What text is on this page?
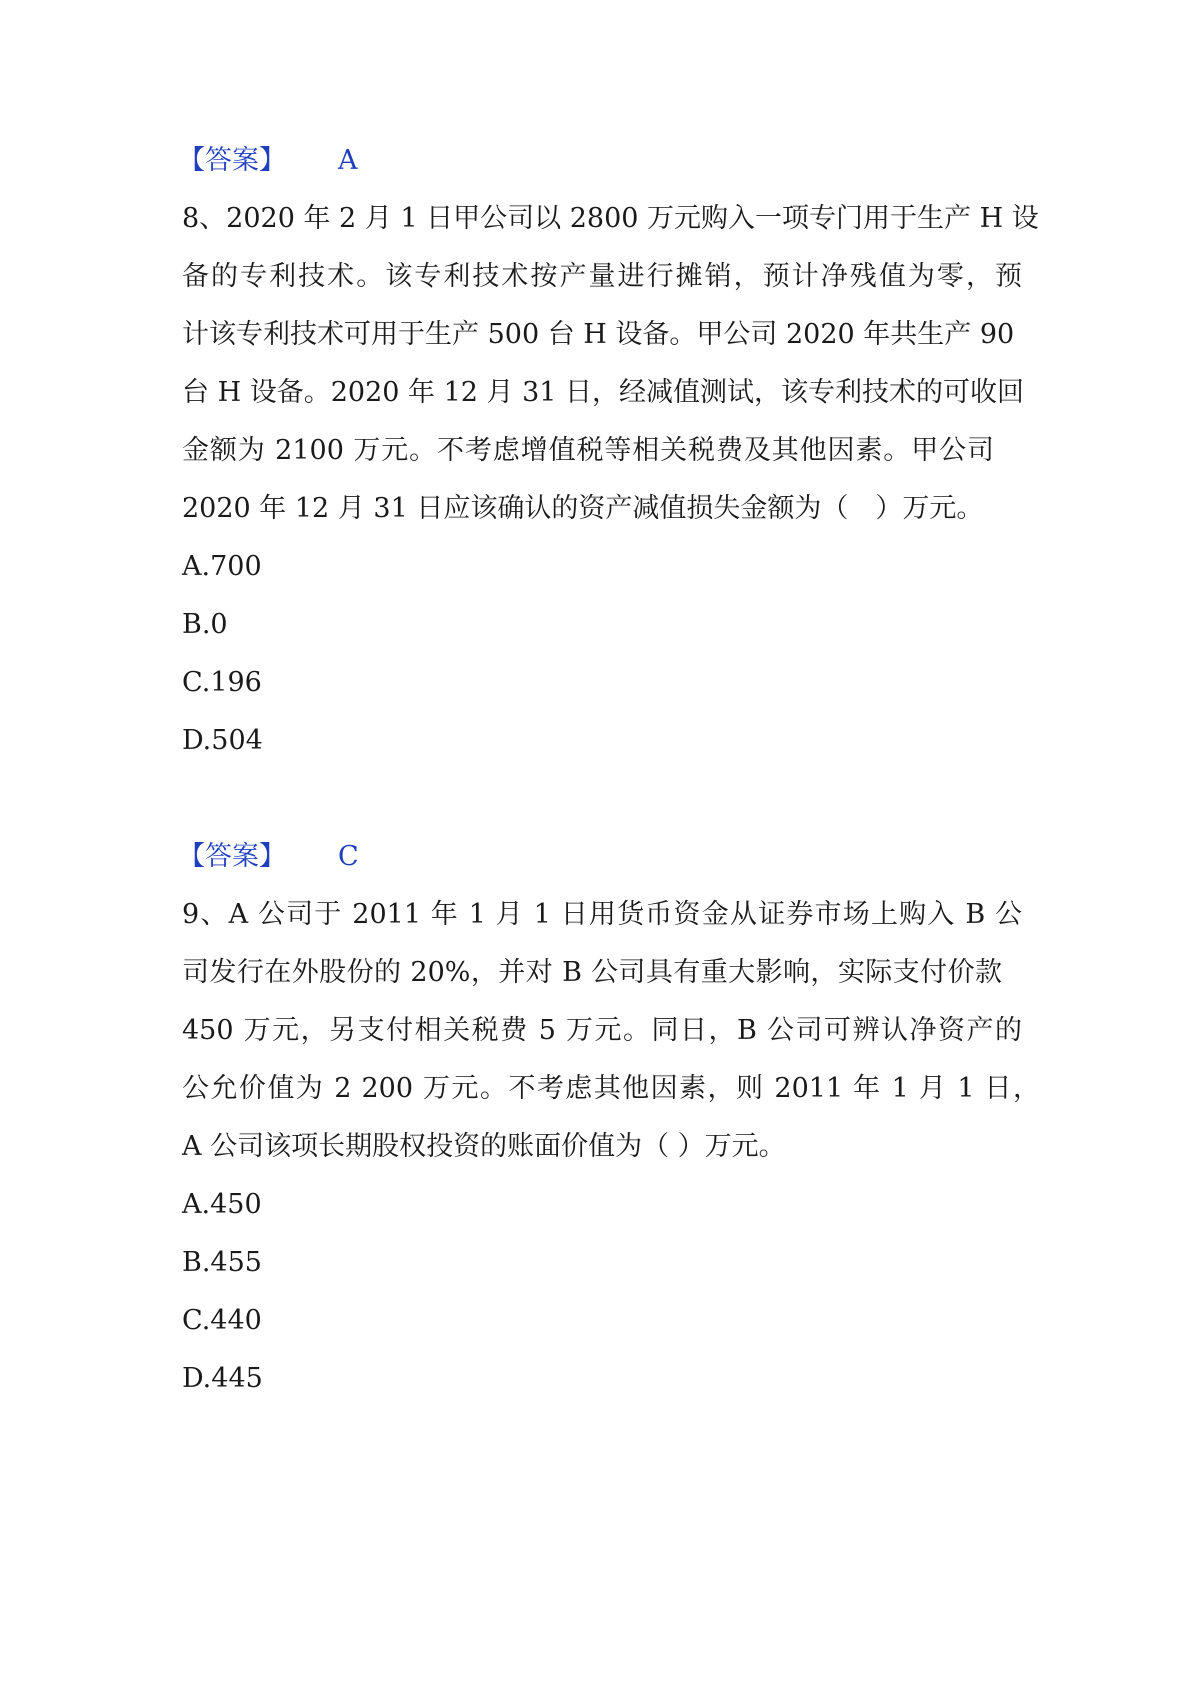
【答案】 A
8、2020 年 2 月 1 日甲公司以 2800 万元购入一项专门用于生产 H 设
备的专利技术。该专利技术按产量进行摊销，预计净残值为零，预
计该专利技术可用于生产 500 台 H 设备。甲公司 2020 年共生产 90
台 H 设备。2020 年 12 月 31 日，经减值测试，该专利技术的可收回
金额为 2100 万元。不考虑增值税等相关税费及其他因素。甲公司
2020 年 12 月 31 日应该确认的资产减值损失金额为（　）万元。
A.700
B.0
C.196
D.504
【答案】 C
9、A 公司于 2011 年 1 月 1 日用货币资金从证券市场上购入 B 公
司发行在外股份的 20%，并对 B 公司具有重大影响，实际支付价款
450 万元，另支付相关税费 5 万元。同日，B 公司可辨认净资产的
公允价值为 2 200 万元。不考虑其他因素，则 2011 年 1 月 1 日，
A 公司该项长期股权投资的账面价值为（ ）万元。
A.450
B.455
C.440
D.445
